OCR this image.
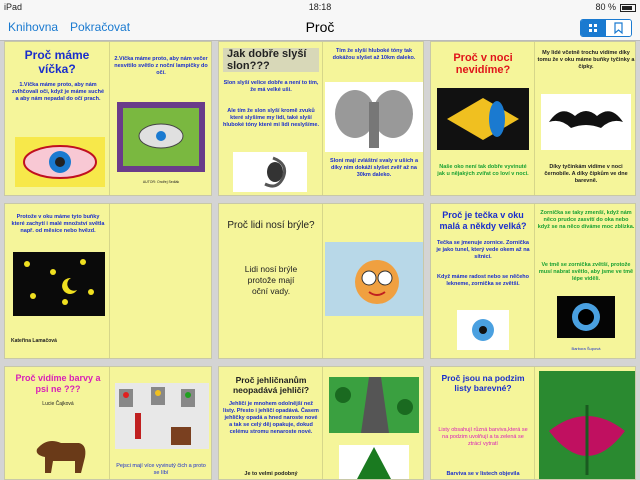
iPad	18:18	80 %
Knihovna Pokračovat	Proč
Proč máme víčka?
1.Víčka máme proto, aby nám zvlhčovali oči, když je máme suché a aby nám nepadal do očí prach.
2.Víčka máme proto, aby nám večer nesvítilo světlo z noční lampičky do očí.
AUTOR: Ondřej Sedlák
Jak dobře slyší slon???
Slon slyší velice dobře a není to tím, že má velké uši.
Ale tím že slon slyší kromě zvuků které slyšíme my lidi, také slyší hluboké tóny které mi lidi neslyšíme.
Tím že slyší hluboké tóny tak dokážou slyšet až 10km daleko.
Sloni mají zvláštní svaly v uších a díky nim dokáží slyšet zvěř až na 30km daleko.
Proč v noci nevidíme?
Naše oko není tak dobře vyvinuté jak u nějakých zvířat co loví v noci.
My lidé včetně trochu vidíme díky tomu že v oku máme buňky tyčinky a čípky.
Díky tyčinkám vidíme v noci černobíle. A díky čípkům ve dne barevně.
Protože v oku máme tyto buňky které zachytí i malé množství světla např. od měsíce nebo hvězd.
Kateřina Lamačová
Proč lidi nosí brýle?
Lidi nosí brýle protože mají oční vady.
Proč je tečka v oku malá a někdy velká?
Tečka se jmenuje zornice. Zornička je jako tunel, který vede okem až na sítnici.
Když máme radost nebo se něčeho lekneme, zornička se zvětší.
Zornička se taky zmenší, když nám něco prudce zasvítí do oka nebo když se na něco díváme moc zblízka.
Ve tmě se zornička zvětší, protože musí nabrat světlo, aby jsme ve tmě lépe viděli.
Barbora Šupová
Proč vidíme barvy a psi ne ???
Lucie Čajková
Pejsci mají více vyvinutý čich a proto se líbí
Proč jehličnanům neopadává jehličí?
Jehličí je mnohem odolnější než listy. Přesto i jehličí opadává. Časem jehličky opadá a hned naroste nové a tak se celý děj opakuje, dokud celému stromu nenaroste nové.
Je to velmi podobný
Proč jsou na podzim listy barevné?
Listy obsahují různá barviva,která se na podzim uvolňují a ta zelená se ztrácí vytratí
Barviva se v listech objevila
